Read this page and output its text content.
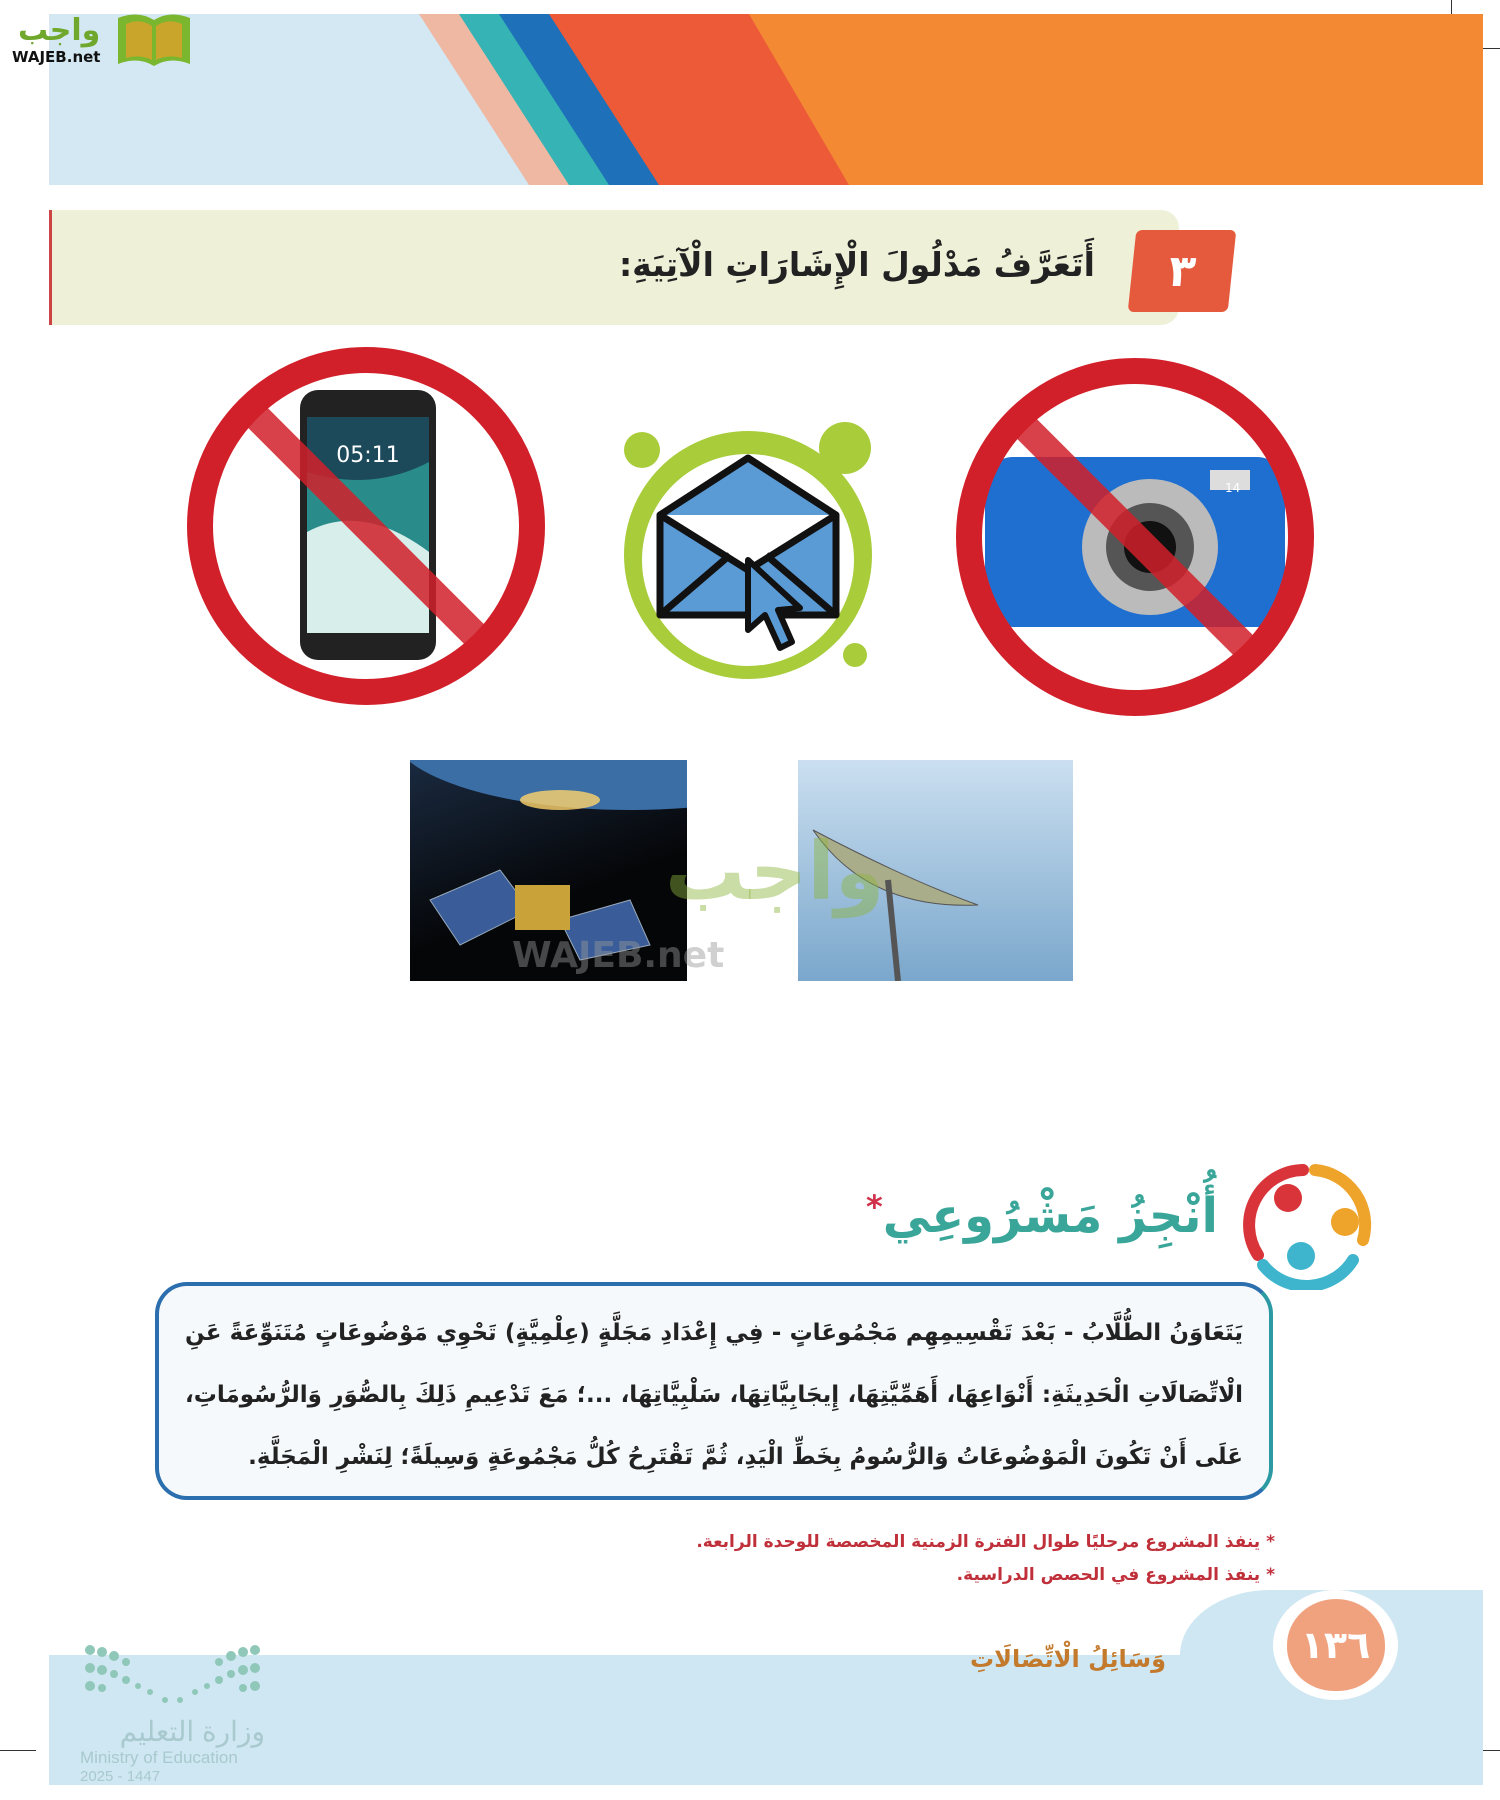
واجب
WAJEB.net
٣
أَتَعَرَّفُ مَدْلُولَ الْإِشَارَاتِ الْآتِيَةِ:
05:11
14
واجب
WAJEB.net
أُنْجِزُ مَشْرُوعِي*

يَتَعَاوَنُ الطُّلَّابُ - بَعْدَ تَقْسِيمِهِم مَجْمُوعَاتٍ - فِي إِعْدَادِ مَجَلَّةٍ (عِلْمِيَّةٍ) تَحْوِي مَوْضُوعَاتٍ مُتَنَوِّعَةً عَنِ

الْاتِّصَالَاتِ الْحَدِيثَةِ: أَنْوَاعِهَا، أَهَمِّيَّتِهَا، إِيجَابِيَّاتِهَا، سَلْبِيَّاتِهَا، ...؛ مَعَ تَدْعِيمِ ذَلِكَ بِالصُّوَرِ وَالرُّسُومَاتِ،

عَلَى أَنْ تَكُونَ الْمَوْضُوعَاتُ وَالرُّسُومُ بِخَطِّ الْيَدِ، ثُمَّ تَقْتَرِحُ كُلُّ مَجْمُوعَةٍ وَسِيلَةً؛ لِنَشْرِ الْمَجَلَّةِ.

* ينفذ المشروع مرحليًا طوال الفترة الزمنية المخصصة للوحدة الرابعة.
* ينفذ المشروع في الحصص الدراسية.
١٣٦
وَسَائِلُ الْاتِّصَالَاتِ
وزارة التعليم
Ministry of Education
2025 - 1447
